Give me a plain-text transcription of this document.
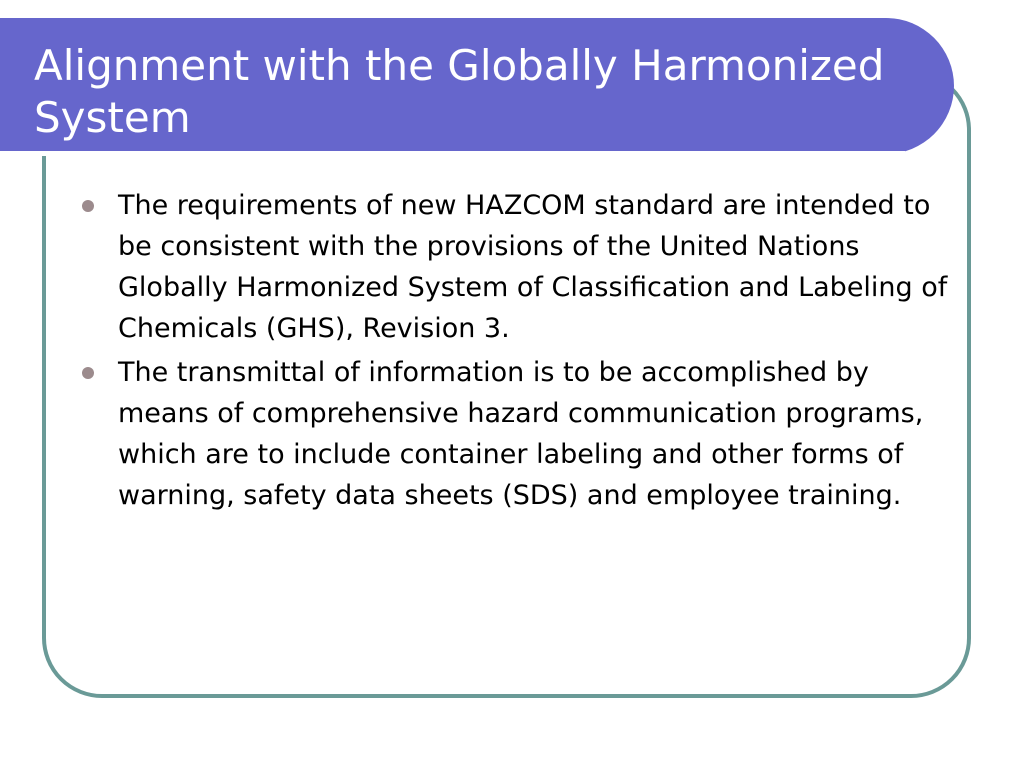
Alignment with the Globally Harmonized System
The requirements of new HAZCOM standard are intended to be consistent with the provisions of the United Nations Globally Harmonized System of Classification and Labeling of Chemicals (GHS), Revision 3.
The transmittal of information is to be accomplished by means of comprehensive hazard communication programs, which are to include container labeling and other forms of warning, safety data sheets (SDS) and employee training.
